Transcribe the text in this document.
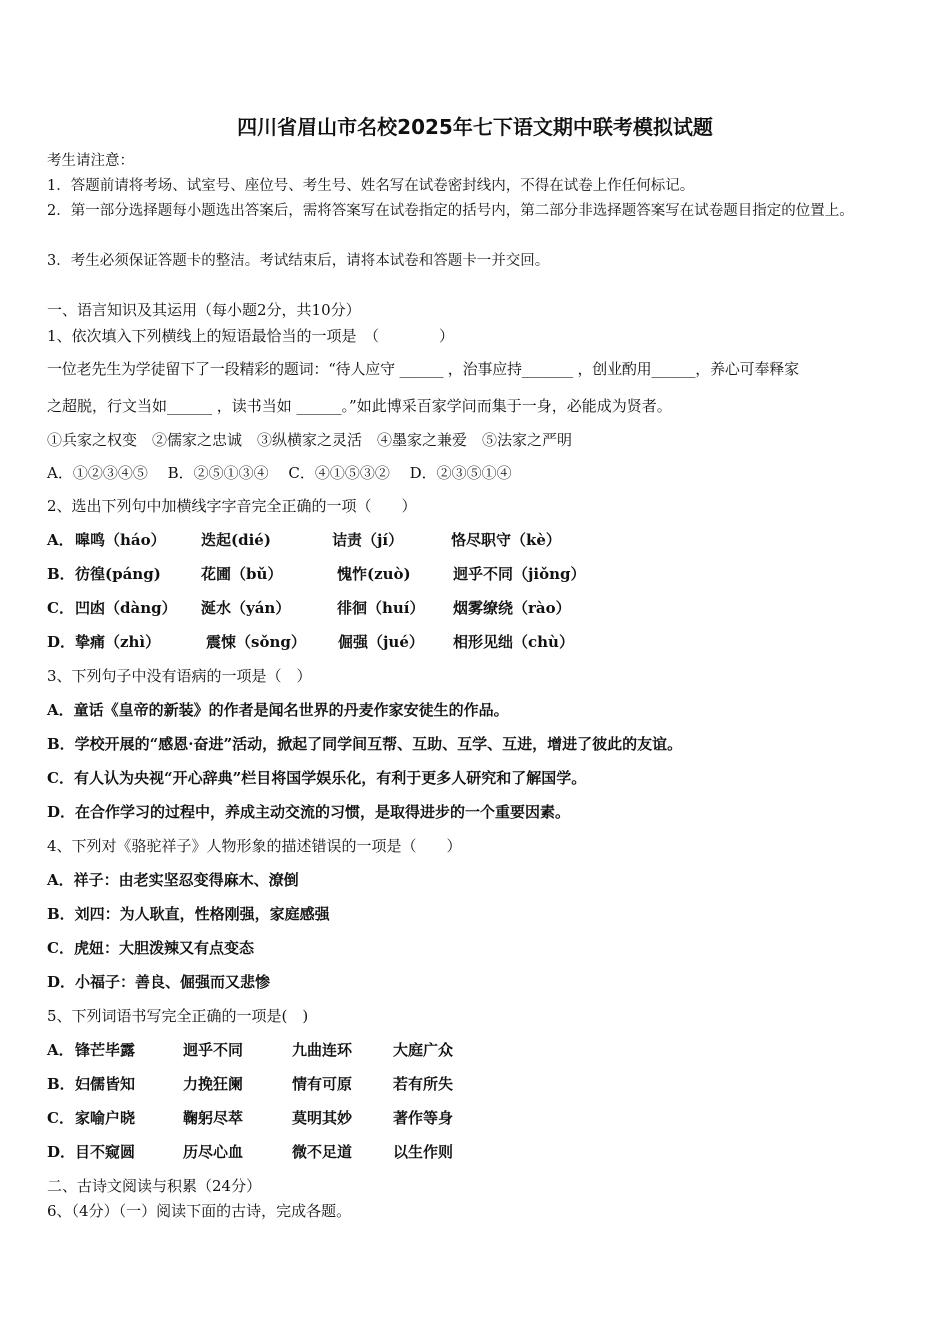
四川省眉山市名校2025年七下语文期中联考模拟试题
考生请注意：
1．答题前请将考场、试室号、座位号、考生号、姓名写在试卷密封线内，不得在试卷上作任何标记。
2．第一部分选择题每小题选出答案后，需将答案写在试卷指定的括号内，第二部分非选择题答案写在试卷题目指定的位置上。
3．考生必须保证答题卡的整洁。考试结束后，请将本试卷和答题卡一并交回。
一、语言知识及其运用（每小题2分，共10分）
1、依次填入下列横线上的短语最恰当的一项是　（　　　　）
一位老先生为学徒留下了一段精彩的题词：“待人应守 ______ ，治事应持_______ ，创业酌用______，养心可奉释家
之超脱，行文当如______ ，读书当如 ______。”如此博采百家学问而集于一身，必能成为贤者。
①兵家之权变　②儒家之忠诚　③纵横家之灵活　④墨家之兼爱　⑤法家之严明
A．①②③④⑤　 B．②⑤①③④　 C．④①⑤③②　 D．②③⑤①④
2、选出下列句中加横线字字音完全正确的一项（　　）
A．嗥鸣（háo） 迭起(dié)	诘责（jí）	恪尽职守（kè）
B．彷徨(páng)	花圃（bǔ）	愧怍(zuò)	迥乎不同（jiǒng）
C．凹凼（dàng） 涎水（yán）	徘徊（huí） 烟雾缭绕（rào）
D．挚痛（zhì）	震悚（sǒng） 倔强（jué） 相形见绌（chù）
3、下列句子中没有语病的一项是（　）
A．童话《皇帝的新装》的作者是闻名世界的丹麦作家安徒生的作品。
B．学校开展的“感恩·奋进”活动，掀起了同学间互帮、互助、互学、互进，增进了彼此的友谊。
C．有人认为央视“开心辞典”栏目将国学娱乐化，有利于更多人研究和了解国学。
D．在合作学习的过程中，养成主动交流的习惯，是取得进步的一个重要因素。
4、下列对《骆驼祥子》人物形象的描述错误的一项是（　　）
A．祥子：由老实坚忍变得麻木、潦倒
B．刘四：为人耿直，性格刚强，家庭感强
C．虎妞：大胆泼辣又有点变态
D．小福子：善良、倔强而又悲惨
5、下列词语书写完全正确的一项是(　)
A．锋芒毕露	迥乎不同	九曲连环	大庭广众
B．妇儒皆知	力挽狂阑	情有可原	若有所失
C．家喻户晓	鞠躬尽萃	莫明其妙	著作等身
D．目不窥圆	历尽心血	微不足道	以生作则
二、古诗文阅读与积累（24分）
6、（4分）（一）阅读下面的古诗，完成各题。
